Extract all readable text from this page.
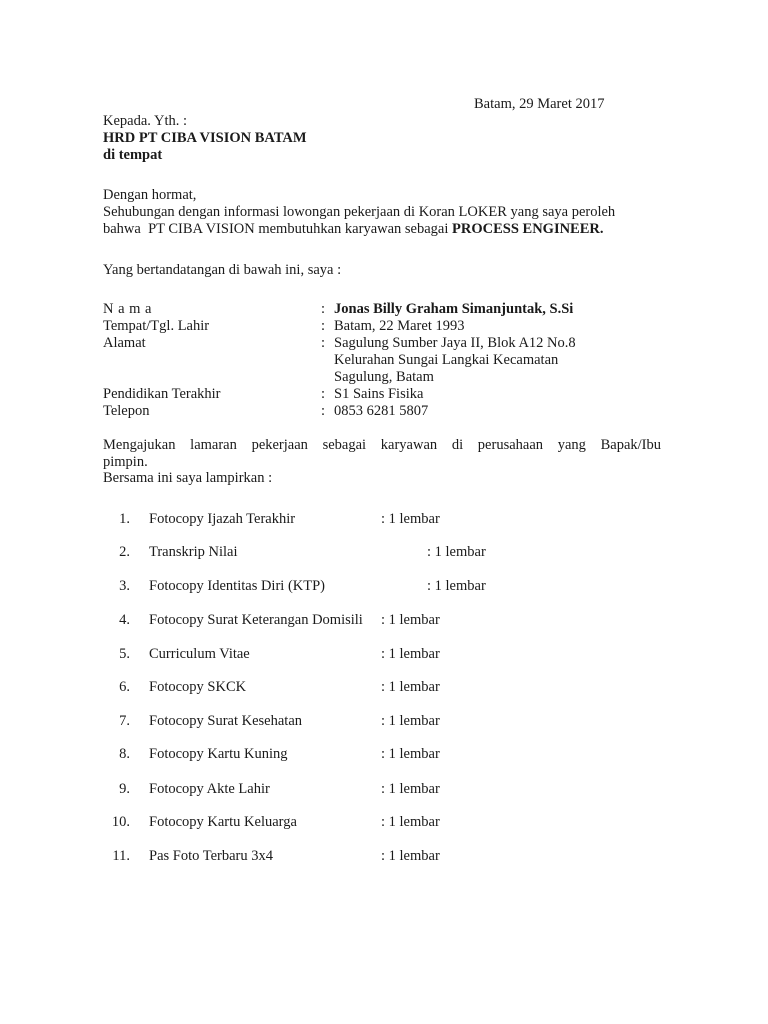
Batam, 29 Maret 2017
Kepada. Yth. :
HRD PT CIBA VISION BATAM
di tempat
Dengan hormat,
Sehubungan dengan informasi lowongan pekerjaan di Koran LOKER yang saya peroleh
bahwa  PT CIBA VISION membutuhkan karyawan sebagai PROCESS ENGINEER.
Yang bertandatangan di bawah ini, saya :
N a m a	: Jonas Billy Graham Simanjuntak, S.Si
Tempat/Tgl. Lahir	: Batam, 22 Maret 1993
Alamat	: Sagulung Sumber Jaya II, Blok A12 No.8
Kelurahan Sungai Langkai Kecamatan
Sagulung, Batam
Pendidikan Terakhir	: S1 Sains Fisika
Telepon	: 0853 6281 5807
Mengajukan lamaran pekerjaan sebagai karyawan di perusahaan yang Bapak/Ibu
pimpin.
Bersama ini saya lampirkan :
1. Fotocopy Ijazah Terakhir	: 1 lembar
2. Transkrip Nilai	: 1 lembar
3. Fotocopy Identitas Diri (KTP)	: 1 lembar
4. Fotocopy Surat Keterangan Domisili : 1 lembar
5. Curriculum Vitae	: 1 lembar
6. Fotocopy SKCK	: 1 lembar
7. Fotocopy Surat Kesehatan	: 1 lembar
8. Fotocopy Kartu Kuning	: 1 lembar
9. Fotocopy Akte Lahir	: 1 lembar
10. Fotocopy Kartu Keluarga	: 1 lembar
11. Pas Foto Terbaru 3x4	: 1 lembar
